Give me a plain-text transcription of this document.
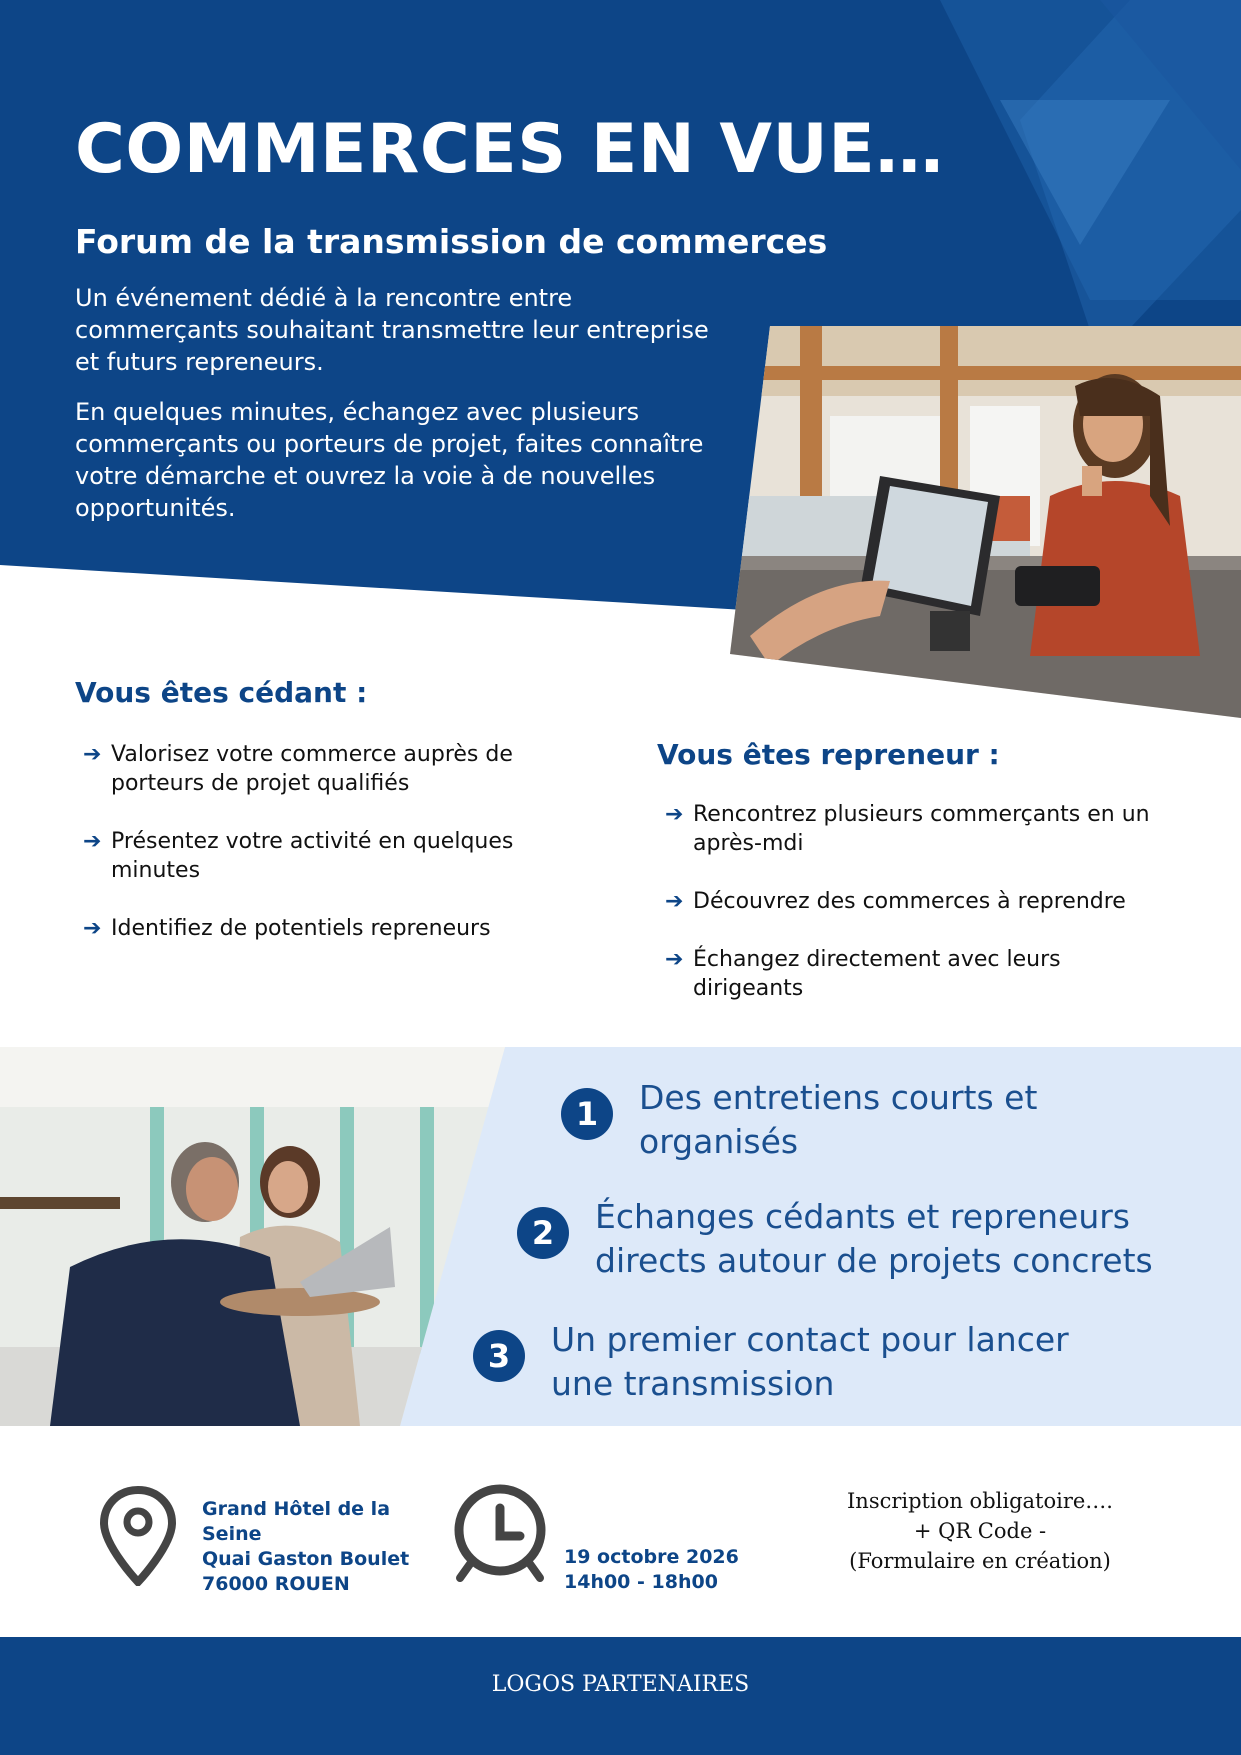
COMMERCES EN VUE…
Forum de la transmission de commerces

Un événement dédié à la rencontre entre commerçants souhaitant transmettre leur entreprise et futurs repreneurs.

En quelques minutes, échangez avec plusieurs commerçants ou porteurs de projet, faites connaître votre démarche et ouvrez la voie à de nouvelles opportunités.

Vous êtes cédant :
➔ Valorisez votre commerce auprès de porteurs de projet qualifiés
➔ Présentez votre activité en quelques minutes
➔ Identifiez de potentiels repreneurs
Vous êtes repreneur :
➔ Rencontrez plusieurs commerçants en un après-mdi
➔ Découvrez des commerces à reprendre
➔ Échangez directement avec leurs dirigeants
1	Des entretiens courts et organisés
2	Échanges cédants et repreneurs directs autour de projets concrets
3	Un premier contact pour lancer une transmission

Grand Hôtel de la Seine
Quai Gaston Boulet
76000 ROUEN

19 octobre 2026
14h00 - 18h00

Inscription obligatoire….
+ QR Code -
(Formulaire en création)
LOGOS PARTENAIRES
